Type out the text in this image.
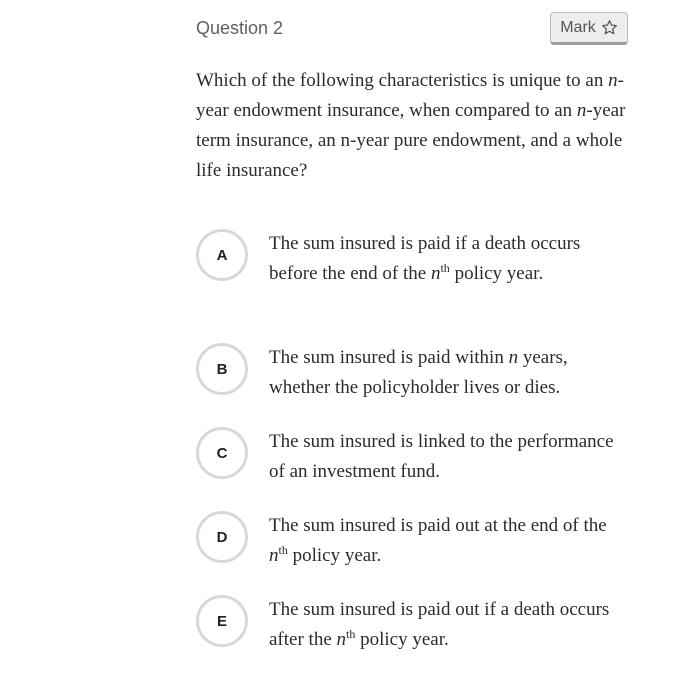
Question 2	Mark
Which of the following characteristics is unique to an n-year endowment insurance, when compared to an n-year term insurance, an n-year pure endowment, and a whole life insurance?
A
The sum insured is paid if a death occurs before the end of the $n^{th}$ policy year.
B
The sum insured is paid within n years, whether the policyholder lives or dies.
C
The sum insured is linked to the performance of an investment fund.
D
The sum insured is paid out at the end of the $n^{th}$ policy year.
E
The sum insured is paid out if a death occurs after the $n^{th}$ policy year.
